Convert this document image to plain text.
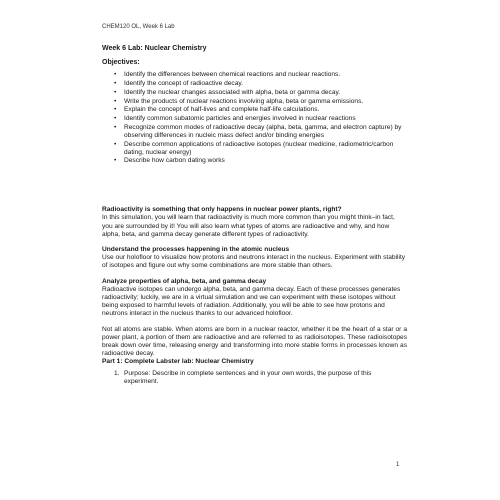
CHEM120 OL, Week 6 Lab
Week 6 Lab: Nuclear Chemistry
Objectives:
• Identify the differences between chemical reactions and nuclear reactions.
• Identify the concept of radioactive decay.
• Identify the nuclear changes associated with alpha, beta or gamma decay.
• Write the products of nuclear reactions involving alpha, beta or gamma emissions.
• Explain the concept of half-lives and complete half-life calculations.
• Identify common subatomic particles and energies involved in nuclear reactions
• Recognize common modes of radioactive decay (alpha, beta, gamma, and electron capture) by observing differences in nucleic mass defect and/or binding energies
• Describe common applications of radioactive isotopes (nuclear medicine, radiometric/carbon dating, nuclear energy)
• Describe how carbon dating works

Radioactivity is something that only happens in nuclear power plants, right?

In this simulation, you will learn that radioactivity is much more common than you might think–in fact, you are surrounded by it! You will also learn what types of atoms are radioactive and why, and how alpha, beta, and gamma decay generate different types of radioactivity.

Understand the processes happening in the atomic nucleus

Use our holofloor to visualize how protons and neutrons interact in the nucleus. Experiment with stability of isotopes and figure out why some combinations are more stable than others.

Analyze properties of alpha, beta, and gamma decay

Radioactive isotopes can undergo alpha, beta, and gamma decay. Each of these processes generates radioactivity; luckily, we are in a virtual simulation and we can experiment with these isotopes without being exposed to harmful levels of radiation. Additionally, you will be able to see how protons and neutrons interact in the nucleus thanks to our advanced holofloor.

Not all atoms are stable. When atoms are born in a nuclear reactor, whether it be the heart of a star or a power plant, a portion of them are radioactive and are referred to as radioisotopes. These radioisotopes break down over time, releasing energy and transforming into more stable forms in processes known as radioactive decay.

Part 1: Complete Labster lab: Nuclear Chemistry

1. Purpose: Describe in complete sentences and in your own words, the purpose of this experiment.
1
